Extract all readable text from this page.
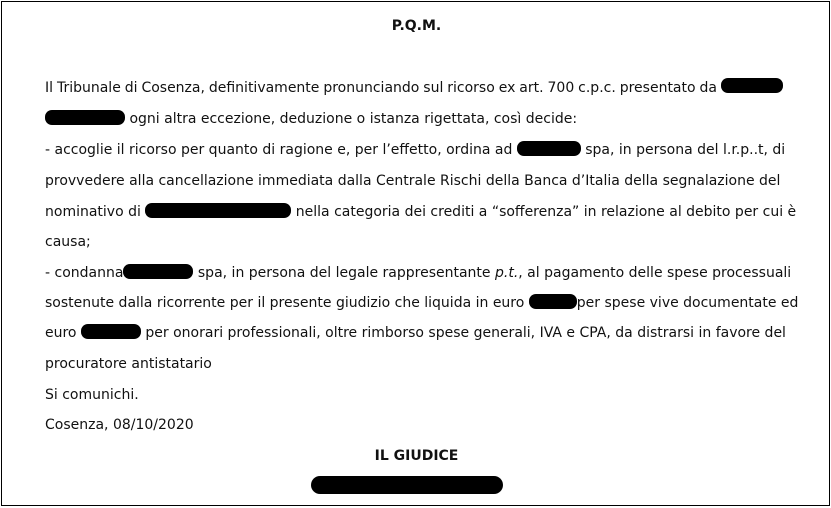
P.Q.M.
Il Tribunale di Cosenza, definitivamente pronunciando sul ricorso ex art. 700 c.p.c. presentato da
ogni altra eccezione, deduzione o istanza rigettata, così decide:
- accoglie il ricorso per quanto di ragione e, per l’effetto, ordina ad	spa, in persona del l.r.p..t, di
provvedere alla cancellazione immediata dalla Centrale Rischi della Banca d’Italia della segnalazione del
nominativo di	nella categoria dei crediti a “sofferenza” in relazione al debito per cui è
causa;
- condanna	spa, in persona del legale rappresentante p.t., al pagamento delle spese processuali
sostenute dalla ricorrente per il presente giudizio che liquida in euro	per spese vive documentate ed
euro	per onorari professionali, oltre rimborso spese generali, IVA e CPA, da distrarsi in favore del
procuratore antistatario
Si comunichi.
Cosenza, 08/10/2020
IL GIUDICE
